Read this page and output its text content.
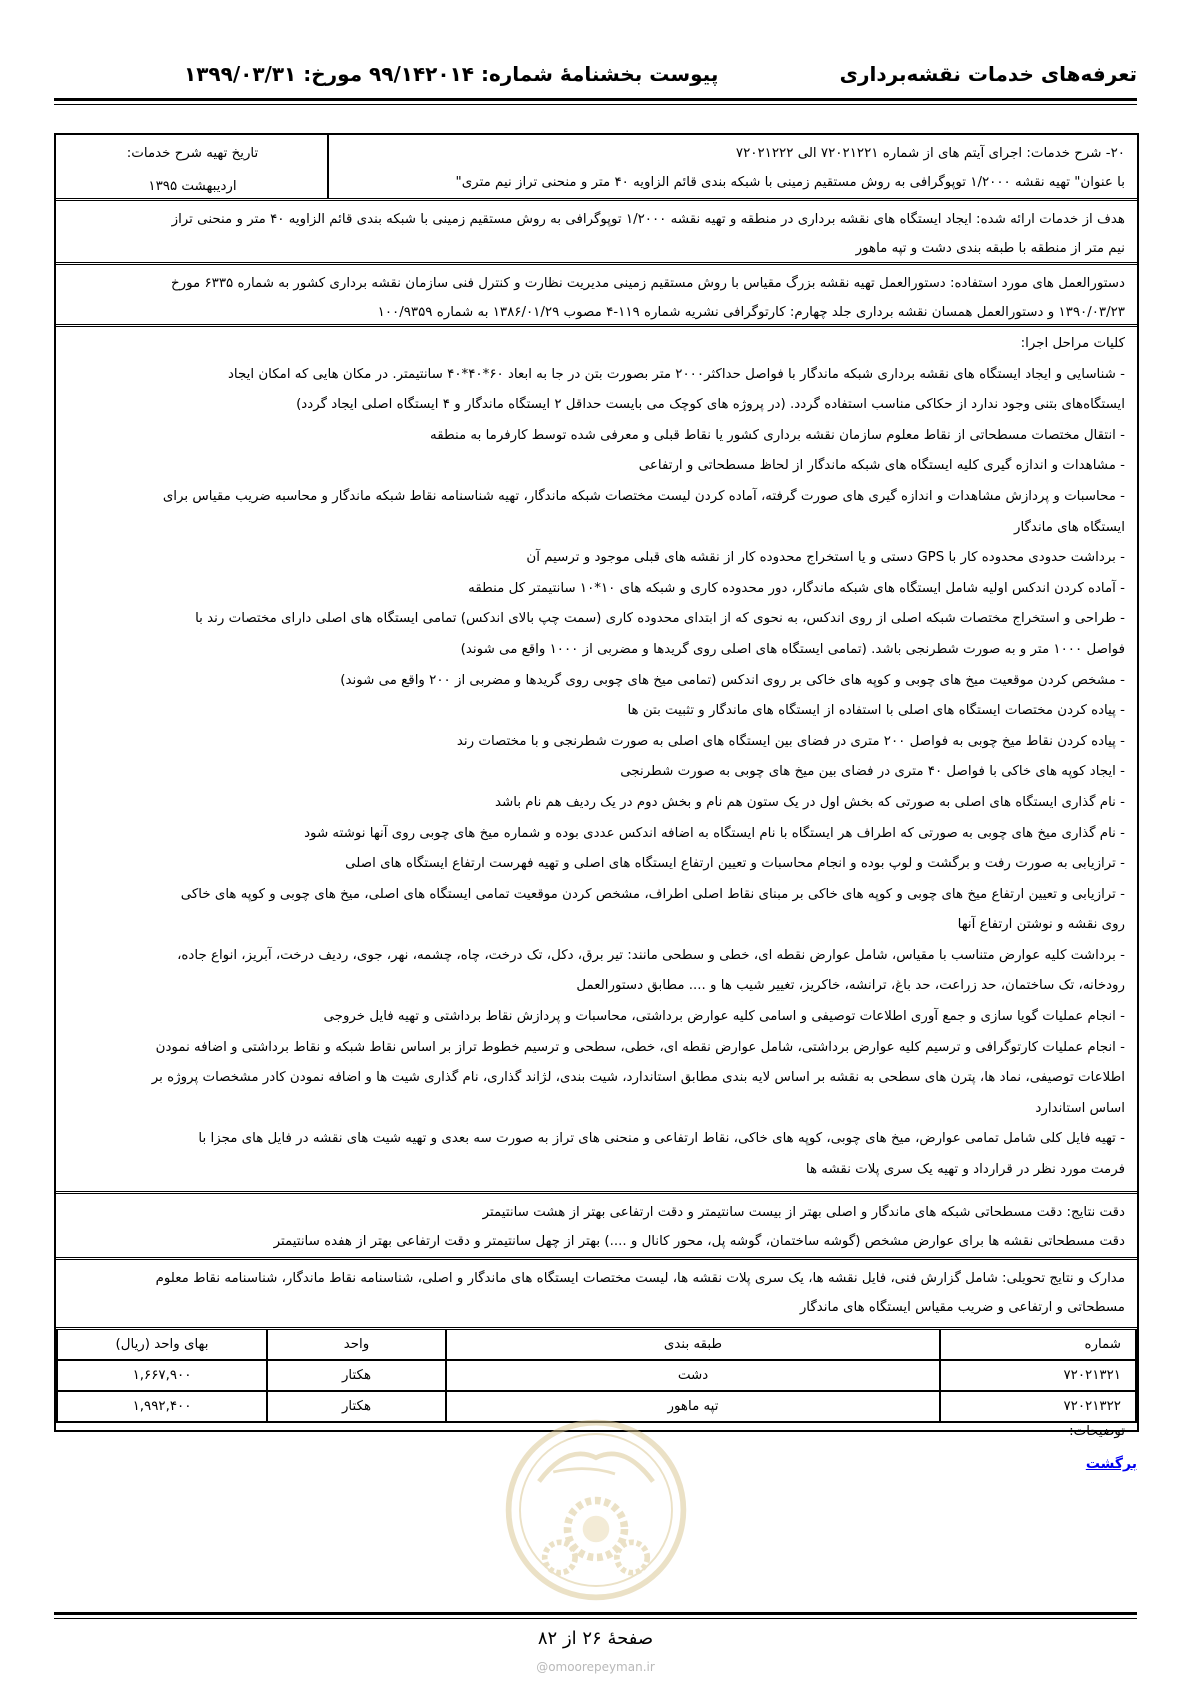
تعرفه‌های خدمات نقشه‌برداری
پیوست بخشنامهٔ شماره: ۹۹/۱۴۲۰۱۴ مورخ: ۱۳۹۹/۰۳/۳۱

۲۰- شرح خدمات: اجرای آیتم های از شماره ۷۲۰۲۱۲۲۱ الی ۷۲۰۲۱۲۲۲

با عنوان" تهیه نقشه ۱/۲۰۰۰ توپوگرافی به روش مستقیم زمینی با شبکه بندی قائم الزاویه ۴۰ متر و منحنی تراز نیم متری"

تاریخ تهیه شرح خدمات:
اردیبهشت ۱۳۹۵

هدف از خدمات ارائه شده: ایجاد ایستگاه های نقشه برداری در منطقه و تهیه نقشه ۱/۲۰۰۰ توپوگرافی به روش مستقیم زمینی با شبکه بندی قائم الزاویه ۴۰ متر و منحنی تراز

نیم متر از منطقه با طبقه بندی دشت و تپه ماهور

دستورالعمل های مورد استفاده: دستورالعمل تهیه نقشه بزرگ مقیاس با روش مستقیم زمینی مدیریت نظارت و کنترل فنی سازمان نقشه برداری کشور به شماره ۶۳۳۵ مورخ

۱۳۹۰/۰۳/۲۳ و دستورالعمل همسان نقشه برداری جلد چهارم: کارتوگرافی نشریه شماره ۱۱۹-۴ مصوب ۱۳۸۶/۰۱/۲۹ به شماره ۱۰۰/۹۳۵۹

کلیات مراحل اجرا:

- شناسایی و ایجاد ایستگاه های نقشه برداری شبکه ماندگار با فواصل حداکثر۲۰۰۰ متر بصورت بتن در جا به ابعاد ۶۰*۴۰*۴۰ سانتیمتر. در مکان هایی که امکان ایجاد

ایستگاه‌های بتنی وجود ندارد از حکاکی مناسب استفاده گردد. (در پروژه های کوچک می بایست حداقل ۲ ایستگاه ماندگار و ۴ ایستگاه اصلی ایجاد گردد)

- انتقال مختصات مسطحاتی از نقاط معلوم سازمان نقشه برداری کشور یا نقاط قبلی و معرفی شده توسط کارفرما به منطقه

- مشاهدات و اندازه گیری کلیه ایستگاه های شبکه ماندگار از لحاظ مسطحاتی و ارتفاعی

- محاسبات و پردازش مشاهدات و اندازه گیری های صورت گرفته، آماده کردن لیست مختصات شبکه ماندگار، تهیه شناسنامه نقاط شبکه ماندگار و محاسبه ضریب مقیاس برای

ایستگاه های ماندگار

- برداشت حدودی محدوده کار با GPS دستی و یا استخراج محدوده کار از نقشه های قبلی موجود و ترسیم آن

- آماده کردن اندکس اولیه شامل ایستگاه های شبکه ماندگار، دور محدوده کاری و شبکه های ۱۰*۱۰ سانتیمتر کل منطقه

- طراحی و استخراج مختصات شبکه اصلی از روی اندکس، به نحوی که از ابتدای محدوده کاری (سمت چپ بالای اندکس) تمامی ایستگاه های اصلی دارای مختصات رند با

فواصل ۱۰۰۰ متر و به صورت شطرنجی باشد. (تمامی ایستگاه های اصلی روی گریدها و مضربی از ۱۰۰۰ واقع می شوند)

- مشخص کردن موقعیت میخ های چوبی و کوپه های خاکی بر روی اندکس (تمامی میخ های چوبی روی گریدها و مضربی از ۲۰۰ واقع می شوند)

- پیاده کردن مختصات ایستگاه های اصلی با استفاده از ایستگاه های ماندگار و تثبیت بتن ها

- پیاده کردن نقاط میخ چوبی به فواصل ۲۰۰ متری در فضای بین ایستگاه های اصلی به صورت شطرنجی و با مختصات رند

- ایجاد کوپه های خاکی با فواصل ۴۰ متری در فضای بین میخ های چوبی به صورت شطرنجی

- نام گذاری ایستگاه های اصلی به صورتی که بخش اول در یک ستون هم نام و بخش دوم در یک ردیف هم نام باشد

- نام گذاری میخ های چوبی به صورتی که اطراف هر ایستگاه با نام ایستگاه به اضافه اندکس عددی بوده و شماره میخ های چوبی روی آنها نوشته شود

- ترازیابی به صورت رفت و برگشت و لوپ بوده و انجام محاسبات و تعیین ارتفاع ایستگاه های اصلی و تهیه فهرست ارتفاع ایستگاه های اصلی

- ترازیابی و تعیین ارتفاع میخ های چوبی و کوپه های خاکی بر مبنای نقاط اصلی اطراف، مشخص کردن موقعیت تمامی ایستگاه های اصلی، میخ های چوبی و کوپه های خاکی

روی نقشه و نوشتن ارتفاع آنها

- برداشت کلیه عوارض متناسب با مقیاس، شامل عوارض نقطه ای، خطی و سطحی مانند: تیر برق، دکل، تک درخت، چاه، چشمه، نهر، جوی، ردیف درخت، آبریز، انواع جاده،

رودخانه، تک ساختمان، حد زراعت، حد باغ، ترانشه، خاکریز، تغییر شیب ها و .... مطابق دستورالعمل

- انجام عملیات گویا سازی و جمع آوری اطلاعات توصیفی و اسامی کلیه عوارض برداشتی، محاسبات و پردازش نقاط برداشتی و تهیه فایل خروجی

- انجام عملیات کارتوگرافی و ترسیم کلیه عوارض برداشتی، شامل عوارض نقطه ای، خطی، سطحی و ترسیم خطوط تراز بر اساس نقاط شبکه و نقاط برداشتی و اضافه نمودن

اطلاعات توصیفی، نماد ها، پترن های سطحی به نقشه بر اساس لایه بندی مطابق استاندارد، شیت بندی، لژاند گذاری، نام گذاری شیت ها و اضافه نمودن کادر مشخصات پروژه بر

اساس استاندارد

- تهیه فایل کلی شامل تمامی عوارض، میخ های چوبی، کوپه های خاکی، نقاط ارتفاعی و منحنی های تراز به صورت سه بعدی و تهیه شیت های نقشه در فایل های مجزا با

فرمت مورد نظر در قرارداد و تهیه یک سری پلات نقشه ها

دقت نتایج: دقت مسطحاتی شبکه های ماندگار و اصلی بهتر از بیست سانتیمتر و دقت ارتفاعی بهتر از هشت سانتیمتر

دقت مسطحاتی نقشه ها برای عوارض مشخص (گوشه ساختمان، گوشه پل، محور کانال و ....) بهتر از چهل سانتیمتر و دقت ارتفاعی بهتر از هفده سانتیمتر

مدارک و نتایج تحویلی: شامل گزارش فنی، فایل نقشه ها، یک سری پلات نقشه ها، لیست مختصات ایستگاه های ماندگار و اصلی، شناسنامه نقاط ماندگار، شناسنامه نقاط معلوم

مسطحاتی و ارتفاعی و ضریب مقیاس ایستگاه های ماندگار

شماره	طبقه بندی	واحد	بهای واحد (ریال)
۷۲۰۲۱۳۲۱	دشت	هکتار	۱,۶۶۷,۹۰۰
۷۲۰۲۱۳۲۲	تپه ماهور	هکتار	۱,۹۹۲,۴۰۰
توضیحات:
برگشت
صفحهٔ ۲۶ از ۸۲
@omoorepeyman.ir
